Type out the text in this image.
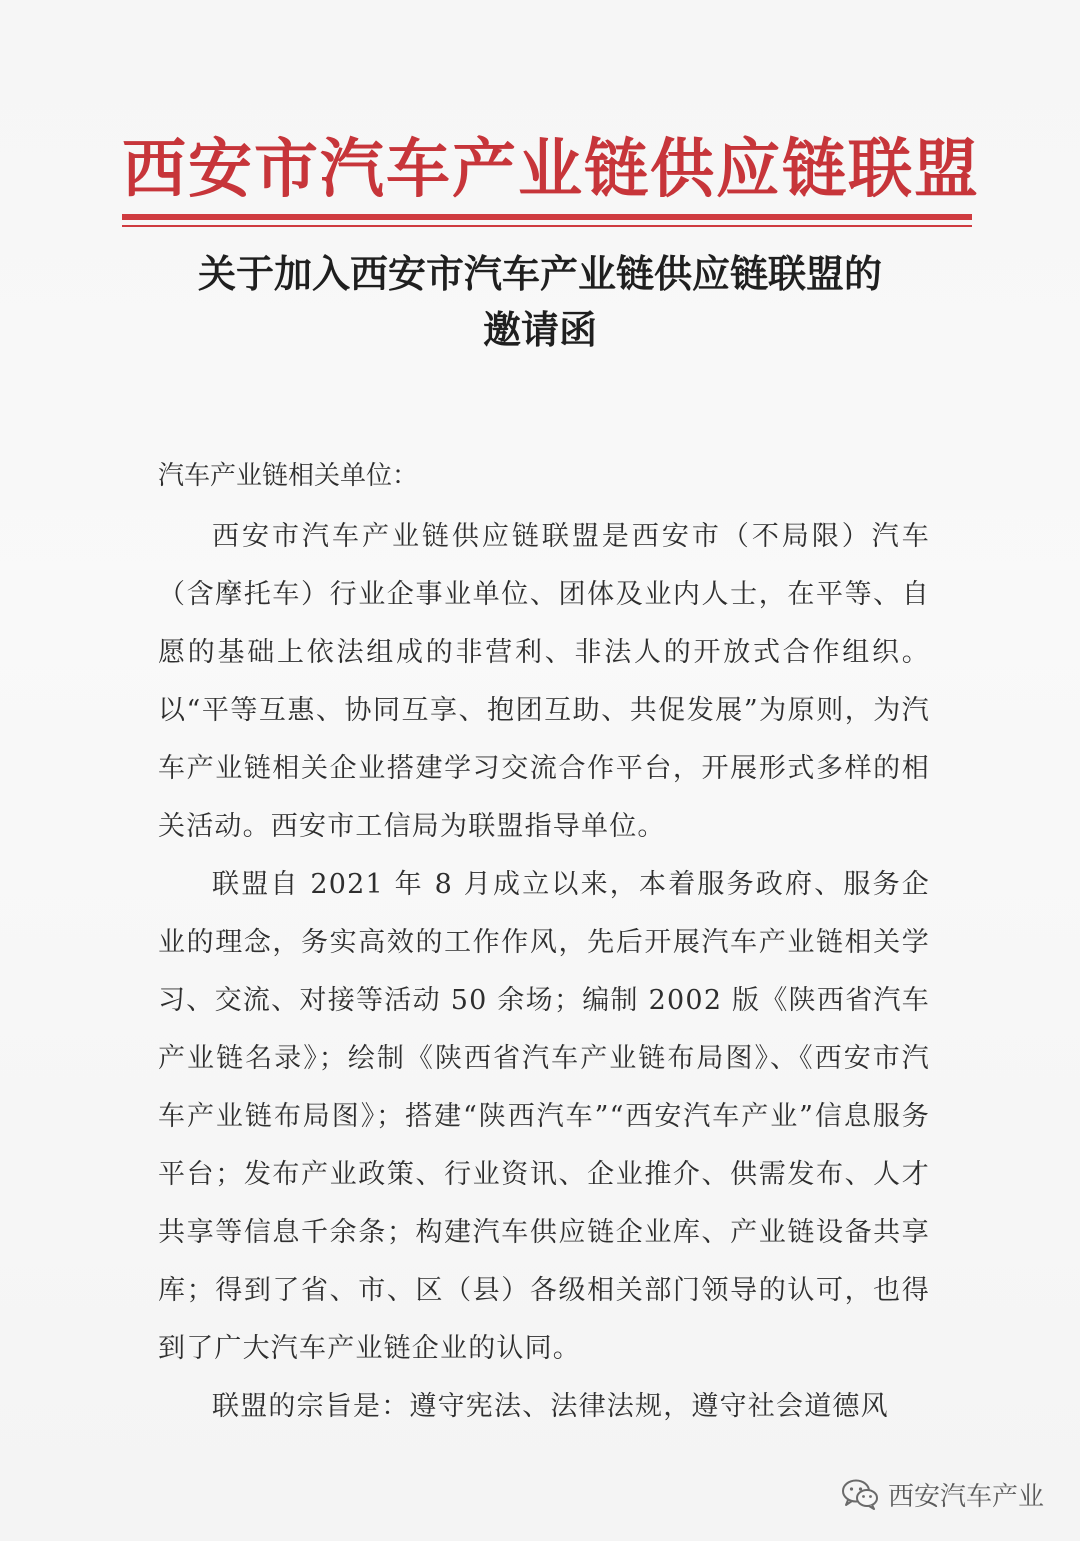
西安市汽车产业链供应链联盟
关于加入西安市汽车产业链供应链联盟的
邀请函
汽车产业链相关单位：

西安市汽车产业链供应链联盟是西安市（不局限）汽车（含摩托车）行业企事业单位、团体及业内人士，在平等、自愿的基础上依法组成的非营利、非法人的开放式合作组织。以“平等互惠、协同互享、抱团互助、共促发展”为原则，为汽车产业链相关企业搭建学习交流合作平台，开展形式多样的相关活动。西安市工信局为联盟指导单位。

联盟自 2021 年 8 月成立以来，本着服务政府、服务企业的理念，务实高效的工作作风，先后开展汽车产业链相关学习、交流、对接等活动 50 余场；编制 2002 版《陕西省汽车产业链名录》；绘制《陕西省汽车产业链布局图》、《西安市汽车产业链布局图》；搭建“陕西汽车”“西安汽车产业”信息服务平台；发布产业政策、行业资讯、企业推介、供需发布、人才共享等信息千余条；构建汽车供应链企业库、产业链设备共享库；得到了省、市、区（县）各级相关部门领导的认可，也得到了广大汽车产业链企业的认同。

联盟的宗旨是：遵守宪法、法律法规，遵守社会道德风

西安汽车产业
